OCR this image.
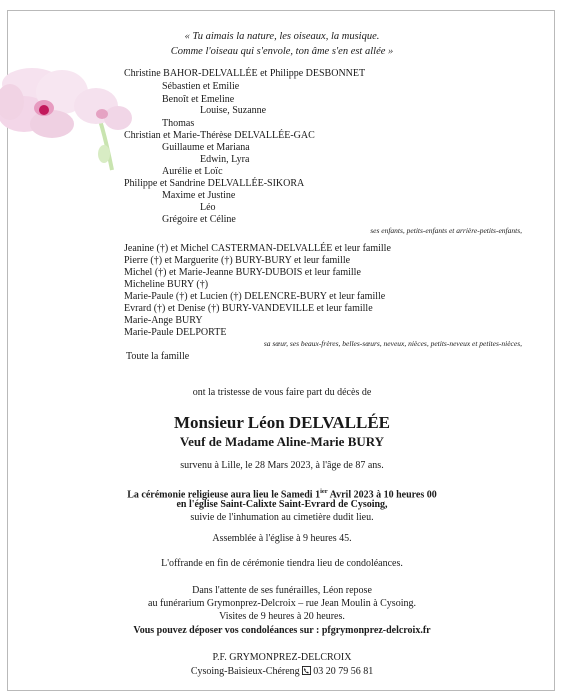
« Tu aimais la nature, les oiseaux, la musique.
Comme l'oiseau qui s'envole, ton âme s'en est allée »
Christine BAHOR-DELVALLÉE et Philippe DESBONNET
Sébastien et Emilie
Benoît et Emeline
Louise, Suzanne
Thomas
Christian et Marie-Thérèse DELVALLÉE-GAC
Guillaume et Mariana
Edwin, Lyra
Aurélie et Loïc
Philippe et Sandrine DELVALLÉE-SIKORA
Maxime et Justine
Léo
Grégoire et Céline
ses enfants, petits-enfants et arrière-petits-enfants,
Jeanine (†) et Michel CASTERMAN-DELVALLÉE et leur famille
Pierre (†) et Marguerite (†) BURY-BURY et leur famille
Michel (†) et Marie-Jeanne BURY-DUBOIS et leur famille
Micheline BURY (†)
Marie-Paule (†) et Lucien (†) DELENCRE-BURY et leur famille
Evrard (†) et Denise (†) BURY-VANDEVILLE et leur famille
Marie-Ange BURY
Marie-Paule DELPORTE
sa sœur, ses beaux-frères, belles-sœurs, neveux, nièces, petits-neveux et petites-nièces,
Toute la famille
ont la tristesse de vous faire part du décès de
Monsieur Léon DELVALLÉE
Veuf de Madame Aline-Marie BURY
survenu à Lille, le 28 Mars 2023, à l'âge de 87 ans.
La cérémonie religieuse aura lieu le Samedi $1^{ier}$ Avril 2023 à 10 heures 00
en l'église Saint-Calixte Saint-Evrard de Cysoing,
suivie de l'inhumation au cimetière dudit lieu.
Assemblée à l'église à 9 heures 45.
L'offrande en fin de cérémonie tiendra lieu de condoléances.
Dans l'attente de ses funérailles, Léon repose
au funérarium Grymonprez-Delcroix – rue Jean Moulin à Cysoing.
Visites de 9 heures à 20 heures.
Vous pouvez déposer vos condoléances sur : pfgrymonprez-delcroix.fr
P.F. GRYMONPREZ-DELCROIX
Cysoing-Baisieux-Chéreng 03 20 79 56 81
